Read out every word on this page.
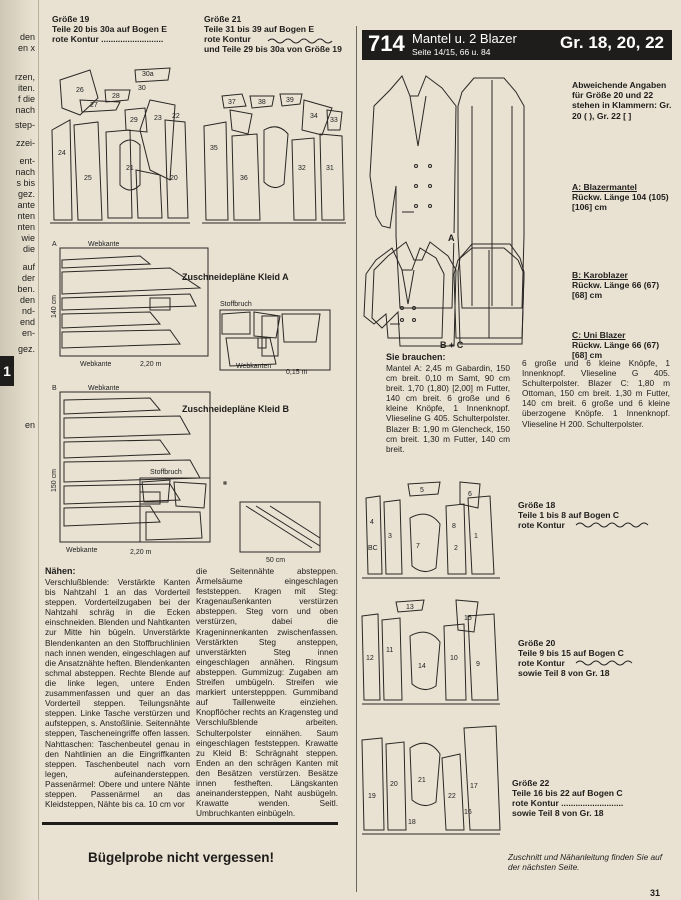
den
en x
rzen,
iten.
f die
nach
step-
zzei-
ent-
nach
s bis
gez.
ante
nten
nten
wie
die
auf
der
ben.
den
nd-
end
en-
gez.
1
en
Größe 19
Teile 20 bis 30a auf Bogen E
rote Kontur ..........................
Größe 21
Teile 31 bis 39 auf Bogen E
rote Kontur
und Teile 29 bis 30a von Größe 19
26
27
28
30a
30
29 23 22
24
25
21
20
37	38	39
34
33
35
36
32	31
A	Webkante
Webkante	2,20 m
Stoffbruch
Webkanten
0,15 m
140 cm
Zuschneidepläne Kleid A
B	Webkante
Webkante	2,20 m
Stoffbruch
50 cm
150 cm
Zuschneidepläne Kleid B
Nähen:
Verschlußblende: Verstärkte Kanten bis Nahtzahl 1 an das Vorderteil steppen. Vorderteilzugaben bei der Nahtzahl schräg in die Ecken einschneiden. Blenden und Nahtkanten zur Mitte hin bügeln. Unverstärkte Blendenkanten an den Stoffbruchlinien nach innen wenden, eingeschlagen auf die Ansatznähte heften. Blendenkanten schmal absteppen. Rechte Blende auf die linke legen, untere Enden zusammenfassen und quer an das Vorderteil steppen. Teilungsnähte steppen. Linke Tasche verstürzen und aufsteppen, s. Anstoßlinie. Seitennähte steppen, Tascheneingriffe offen lassen. Nahttaschen: Taschenbeutel genau in den Nahtlinien an die Eingriffkanten steppen. Taschenbeutel nach vorn legen, aufeinandersteppen. Passenärmel: Obere und untere Nähte steppen. Passenärmel an das Kleidsteppen, Nähte bis ca. 10 cm vor
die Seitennähte absteppen. Ärmelsäume eingeschlagen feststeppen. Kragen mit Steg: Kragenaußenkanten verstürzen absteppen. Steg vorn und oben verstürzen, dabei die Krageninnenkanten zwischenfassen. Verstärkten Steg ansteppen, unverstärkten Steg innen eingeschlagen annähen. Ringsum absteppen. Gummizug: Zugaben am Streifen umbügeln. Streifen wie markiert unterstepppen. Gummiband auf Taillenweite einziehen. Knopflöcher rechts an Kragensteg und Verschlußblende arbeiten. Schulterpolster einnähen. Saum eingeschlagen feststeppen. Krawatte zu Kleid B: Schrägnaht steppen. Enden an den schrägen Kanten mit den Besätzen verstürzen. Besätze innen festheften. Längskanten aneinandersteppen, Naht ausbügeln. Krawatte wenden. Seitl. Umbruchkanten einbügeln.
Bügelprobe nicht vergessen!
714 Mantel u. 2 Blazer
Seite 14/15, 66 u. 84	Gr. 18, 20, 22
A
B + C
Abweichende Angaben für Größe 20 und 22 stehen in Klammern: Gr. 20 ( ), Gr. 22 [ ]
A: Blazermantel
Rückw. Länge 104 (105) [106] cm
B: Karoblazer
Rückw. Länge 66 (67) [68] cm
C: Uni Blazer
Rückw. Länge 66 (67) [68] cm
Sie brauchen:
Mantel A: 2,45 m Gabardin, 150 cm breit. 0,10 m Samt, 90 cm breit. 1,70 (1,80) [2,00] m Futter, 140 cm breit. 6 große und 6 kleine Knöpfe, 1 Innenknopf. Vlieseline G 405. Schulterpolster. Blazer B: 1,90 m Glencheck, 150 cm breit. 1,30 m Futter, 140 cm breit.
6 große und 6 kleine Knöpfe, 1 Innenknopf. Vlieseline G 405. Schulterpolster. Blazer C: 1,80 m Ottoman, 150 cm breit. 1,30 m Futter, 140 cm breit. 6 große und 6 kleine überzogene Knöpfe. 1 Innenknopf. Vlieseline H 200. Schulterpolster.
5
6
7
8
4
BC
3	1
2
Größe 18
Teile 1 bis 8 auf Bogen C
rote Kontur
13
12
11
14
10
9
15
Größe 20
Teile 9 bis 15 auf Bogen C
rote Kontur
sowie Teil 8 von Gr. 18
19
20
21
17
16
18
22
Größe 22
Teile 16 bis 22 auf Bogen C
rote Kontur ..........................
sowie Teil 8 von Gr. 18
Zuschnitt und Nähanleitung finden Sie auf der nächsten Seite.
31
